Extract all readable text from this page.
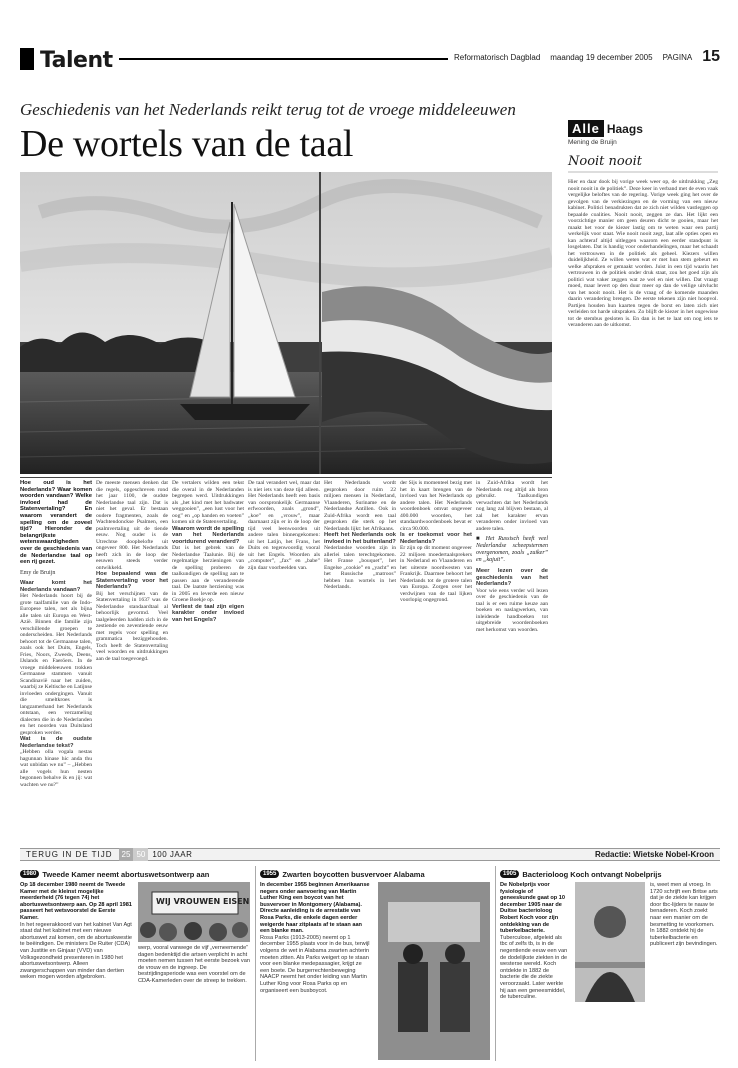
Talent	Reformatorisch Dagblad maandag 19 december 2005 PAGINA 15
Geschiedenis van het Nederlands reikt terug tot de vroege middeleeuwen
De wortels van de taal

Hoe oud is het Nederlands? Waar komen woorden vandaan? Welke invloed had de Statenvertaling? En waarom verandert de spelling om de zoveel tijd? Hieronder de belangrijkste wetenswaardigheden over de geschiedenis van de Nederlandse taal op een rij gezet.

Emy de Bruijn

Waar komt het Nederlands vandaan?

Het Nederlands hoort bij de grote taalfamilie van de Indo-Europese talen, net als bijna alle talen uit Europa en West-Azië. Binnen die familie zijn verschillende groepen te onderscheiden. Het Nederlands behoort tot de Germaanse talen, zoals ook het Duits, Engels, Fries, Noors, Zweeds, Deens, IJslands en Faeröers. In de vroege middeleeuwen trokken Germaanse stammen vanuit Scandinavië naar het zuiden, waarbij ze Keltische en Latijnse invloeden ondergingen. Vanuit die smeltkroes is langzamerhand het Nederlands ontstaan, een verzameling dialecten die in de Nederlanden en het noorden van Duitsland gesproken werden.

Wat is de oudste Nederlandse tekst?

„Hebben olla vogala nestas hagunnan hinase hic anda thu wat unbidan we nu” – „Hebben alle vogels hun nesten begonnen behalve ik en jij: wat wachten we nu?”

De meeste mensen denken dat die regels, opgeschreven rond het jaar 1100, de oudste Nederlandse taal zijn. Dat is niet het geval. Er bestaan oudere fragmenten, zoals de Wachtendonckse Psalmen, een psalmvertaling uit de tiende eeuw. Nog ouder is de Utrechtse doopbelofte uit ongeveer 800. Het Nederlands heeft zich in de loop der eeuwen steeds verder ontwikkeld.

Hoe bepaalend was de Statenvertaling voor het Nederlands?

Bij het verschijnen van de Statenvertaling in 1637 was de Nederlandse standaardtaal al behoorlijk gevormd. Veel taalgeleerden hadden zich in de zestiende en zeventiende eeuw met regels voor spelling en grammatica beziggehouden. Toch heeft de Statenvertaling veel woorden en uitdrukkingen aan de taal toegevoegd.

De vertalers wilden een tekst die overal in de Nederlanden begrepen werd. Uitdrukkingen als „het kind met het badwater weggooien”, „een lust voor het oog” en „op handen en voeten” komen uit de Statenvertaling.

Waarom wordt de spelling van het Nederlands voortdurend veranderd?

Dat is het gebrek van de Nederlandse Taalunie. Bij de regelmatige herzieningen van de spelling proberen de taalkundigen de spelling aan te passen aan de veranderende taal. De laatste herziening was in 2005 en leverde een nieuw Groene Boekje op.

Verliest de taal zijn eigen karakter onder invloed van het Engels?

De taal verandert wel, maar dat is niet iets van deze tijd alleen. Het Nederlands heeft een basis van oorspronkelijk Germaanse erfwoorden, zoals „grond”, „koe” en „vrouw”, maar daarnaast zijn er in de loop der tijd veel leenwoorden uit andere talen binnengekomen: uit het Latijn, het Frans, het Duits en tegenwoordig vooral uit het Engels. Woorden als „computer”, „fax” en „babe” zijn daar voorbeelden van.

Het Nederlands wordt gesproken door ruim 22 miljoen mensen in Nederland, Vlaanderen, Suriname en de Nederlandse Antillen. Ook in Zuid-Afrika wordt een taal gesproken die sterk op het Nederlands lijkt: het Afrikaans.

Heeft het Nederlands ook invloed in het buitenland?

Nederlandse woorden zijn in allerlei talen terechtgekomen. Het Franse „bouquet”, het Engelse „cookie” en „yacht” en het Russische „matroos” hebben hun wortels in het Nederlands.

der Sijs is momenteel bezig met het in kaart brengen van de invloed van het Nederlands op andere talen. Het Nederlands woordenboek omvat ongeveer 400.000 woorden, het standaardwoordenboek bevat er circa 90.000.

Is er toekomst voor het Nederlands?

Er zijn op dit moment ongeveer 22 miljoen moedertaalsprekers in Nederland en Vlaanderen en het uiterste noordwesten van Frankrijk. Daarmee behoort het Nederlands tot de grotere talen van Europa. Zorgen over het verdwijnen van de taal lijken voorlopig ongegrond.

Alle Haags
Mening de Bruijn
Nooit nooit
Hier en daar dook bij vorige week weer op, de uitdrukking „Zeg nooit nooit in de politiek”. Deze keer in verband met de even vaak vergelijke beloftes van de regering. Vorige week ging het over de gevolgen van de verkiezingen en de vorming van een nieuw kabinet. Politici benadrukten dat ze zich niet wilden vastleggen op bepaalde coalities. Nooit nooit, zeggen ze dan. Het lijkt een voorzichtige manier om geen deuren dicht te gooien, maar het maakt het voor de kiezer lastig om te weten waar een partij werkelijk voor staat. Wie nooit nooit zegt, laat alle opties open en kan achteraf altijd uitleggen waarom een eerder standpunt is losgelaten. Dat is handig voor onderhandelingen, maar het schaadt het vertrouwen in de politiek als geheel. Kiezers willen duidelijkheid. Ze willen weten wat er met hun stem gebeurt en welke afspraken er gemaakt worden. Juist in een tijd waarin het vertrouwen in de politiek onder druk staat, zou het goed zijn als politici wat vaker zeggen wat ze wel en niet willen. Dat vraagt moed, maar levert op den duur meer op dan de veilige uitvlucht van het nooit nooit. Het is de vraag of de komende maanden daarin verandering brengen. De eerste tekenen zijn niet hoopvol. Partijen houden hun kaarten tegen de borst en laten zich niet verleiden tot harde uitspraken. Zo blijft de kiezer in het ongewisse tot de stembus gesloten is. En dan is het te laat om nog iets te veranderen aan de uitkomst.
TERUG IN DE TIJD	25 50 100 JAAR	Redactie: Wietske Nobel-Kroon
1980 Tweede Kamer neemt abortuswetsontwerp aan

Op 18 december 1980 neemt de Tweede Kamer met de kleinst mogelijke meerderheid (76 tegen 74) het abortuswetsontwerp aan. Op 28 april 1981 passeert het wetsvoorstel de Eerste Kamer.

In het regeerakkoord van het kabinet Van Agt staat dat het kabinet met een nieuwe abortuswet zal komen, om de abortuskwestie te beëindigen. De ministers De Ruiter (CDA) van Justitie en Ginjaar (VVD) van Volksgezondheid presenteren in 1980 het abortuswetsontwerp. Alleen zwangerschappen van minder dan dertien weken mogen worden afgebroken.

WIJ VROUWEN EISEN
werp, vooral vanwege de vijf „verneemende” dagen bedenktijd die artsen verplicht in acht moeten nemen tussen het eerste bezoek van de vrouw en de ingreep. De bestrijdingsperiode was een voorstel om de CDA-Kamerleden over de streep te trekken.
1955 Zwarten boycotten busvervoer Alabama

In december 1955 beginnen Amerikaanse negers onder aanvoering van Martin Luther King een boycot van het busvervoer in Montgomery (Alabama). Directe aanleiding is de arrestatie van Rosa Parks, die enkele dagen eerder weigerde haar zitplaats af te staan aan een blanke man.

Rosa Parks (1913-2005) neemt op 1 december 1955 plaats voor in de bus, terwijl volgens de wet in Alabama zwarten achterin moeten zitten. Als Parks weigert op te staan voor een blanke medepassagier, krijgt ze een boete. De burgerrechtenbeweging NAACP neemt het onder leiding van Martin Luther King voor Rosa Parks op en organiseert een busboycot.

1905 Bacterioloog Koch ontvangt Nobelprijs

De Nobelprijs voor fysiologie of geneeskunde gaat op 10 december 1905 naar de Duitse bacterioloog Robert Koch voor zijn ontdekking van de tuberkelbacterie.

Tuberculose, afgeleid als tbc of zelfs tb, is in de negentiende eeuw een van de dodelijkste ziekten in de westerse wereld. Koch ontdekte in 1882 de bacterie die de ziekte veroorzaakt. Later werkte hij aan een geneesmiddel, de tuberculine.

is, weet men al vroeg. In 1720 schrijft een Britse arts dat je de ziekte kan krijgen door tbc-lijders te nauw te benaderen. Koch zoekt naar een manier om de besmetting te voorkomen. In 1882 ontdekt hij de tuberkelbacterie en publiceert zijn bevindingen.

in Zuid-Afrika wordt het Nederlands nog altijd als bron gebruikt. Taalkundigen verwachten dat het Nederlands nog lang zal blijven bestaan, al zal het karakter ervan veranderen onder invloed van andere talen.

■ Het Russisch heeft veel Nederlandse scheepstermen overgenomen, zoals „zuiker” en „kajuit”.

Meer lezen over de geschiedenis van het Nederlands?

Voor wie eens verder wil lezen over de geschiedenis van de taal is er een ruime keuze aan boeken en naslagwerken, van inleidende handboeken tot uitgebreide woordenboeken met herkomst van woorden.
